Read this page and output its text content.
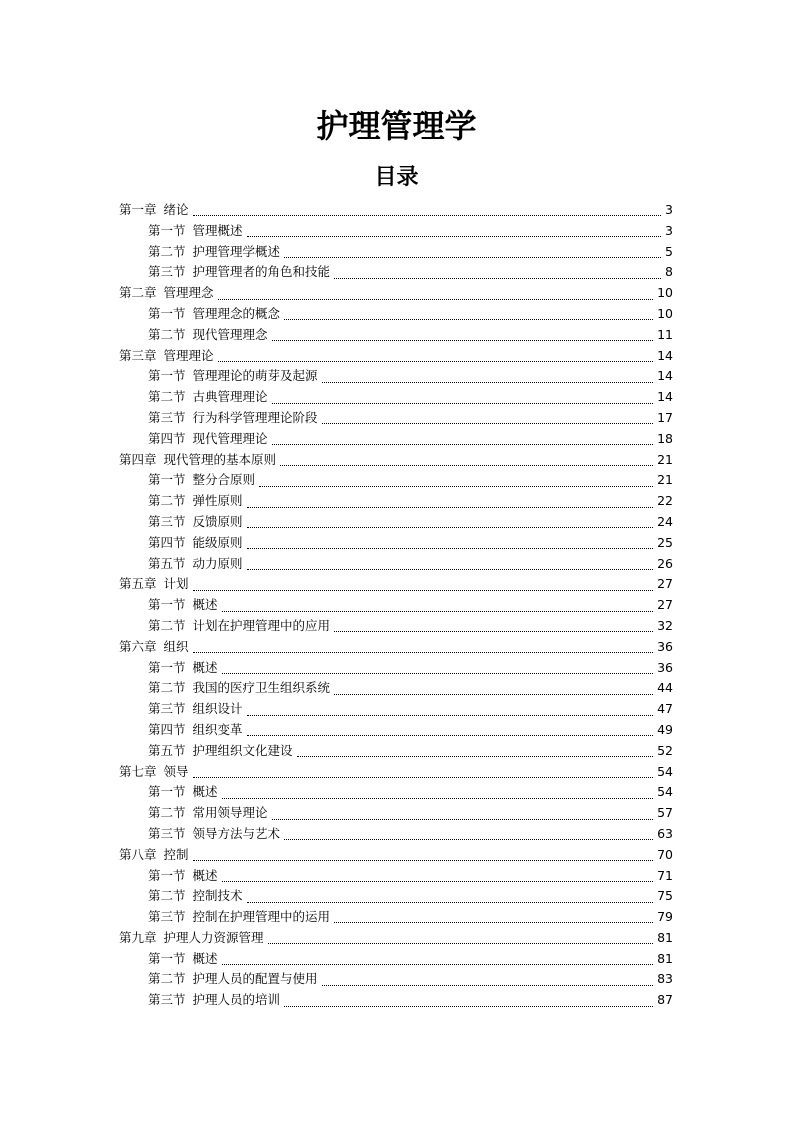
护理管理学
目录
第一章 绪论	3
第一节 管理概述	3
第二节 护理管理学概述	5
第三节 护理管理者的角色和技能	8
第二章 管理理念	10
第一节 管理理念的概念	10
第二节 现代管理理念	11
第三章 管理理论	14
第一节 管理理论的萌芽及起源	14
第二节 古典管理理论	14
第三节 行为科学管理理论阶段	17
第四节 现代管理理论	18
第四章 现代管理的基本原则	21
第一节 整分合原则	21
第二节 弹性原则	22
第三节 反馈原则	24
第四节 能级原则	25
第五节 动力原则	26
第五章 计划	27
第一节 概述	27
第二节 计划在护理管理中的应用	32
第六章 组织	36
第一节 概述	36
第二节 我国的医疗卫生组织系统	44
第三节 组织设计	47
第四节 组织变革	49
第五节 护理组织文化建设	52
第七章 领导	54
第一节 概述	54
第二节 常用领导理论	57
第三节 领导方法与艺术	63
第八章 控制	70
第一节 概述	71
第二节 控制技术	75
第三节 控制在护理管理中的运用	79
第九章 护理人力资源管理	81
第一节 概述	81
第二节 护理人员的配置与使用	83
第三节 护理人员的培训	87
